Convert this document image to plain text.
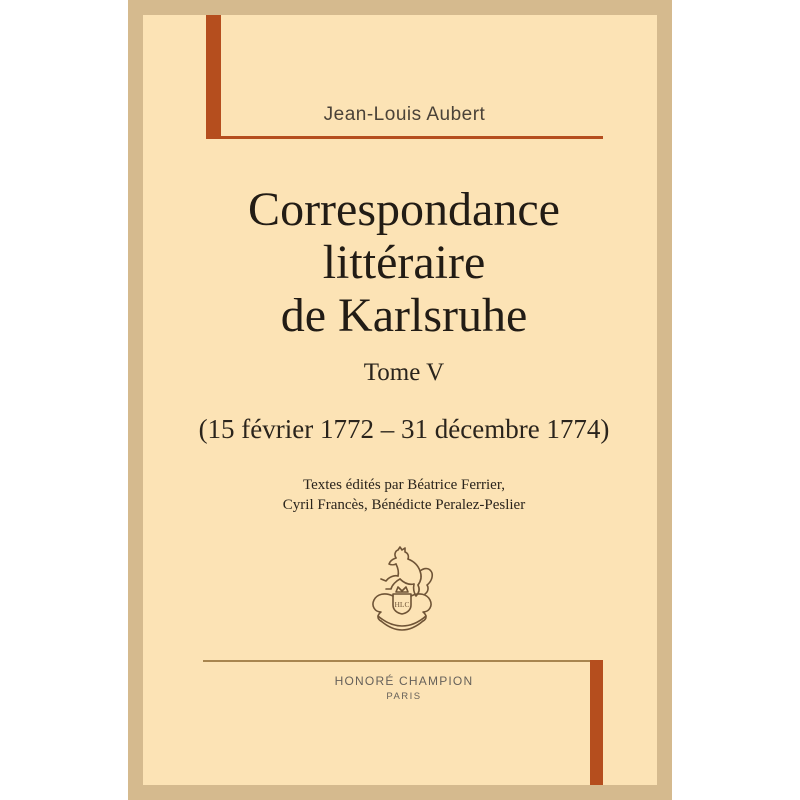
Jean-Louis Aubert
Correspondance
littéraire
de Karlsruhe
Tome V
(15 février 1772 – 31 décembre 1774)
Textes édités par Béatrice Ferrier,
Cyril Francès, Bénédicte Peralez-Peslier
HLC
HONORÉ CHAMPION
PARIS
